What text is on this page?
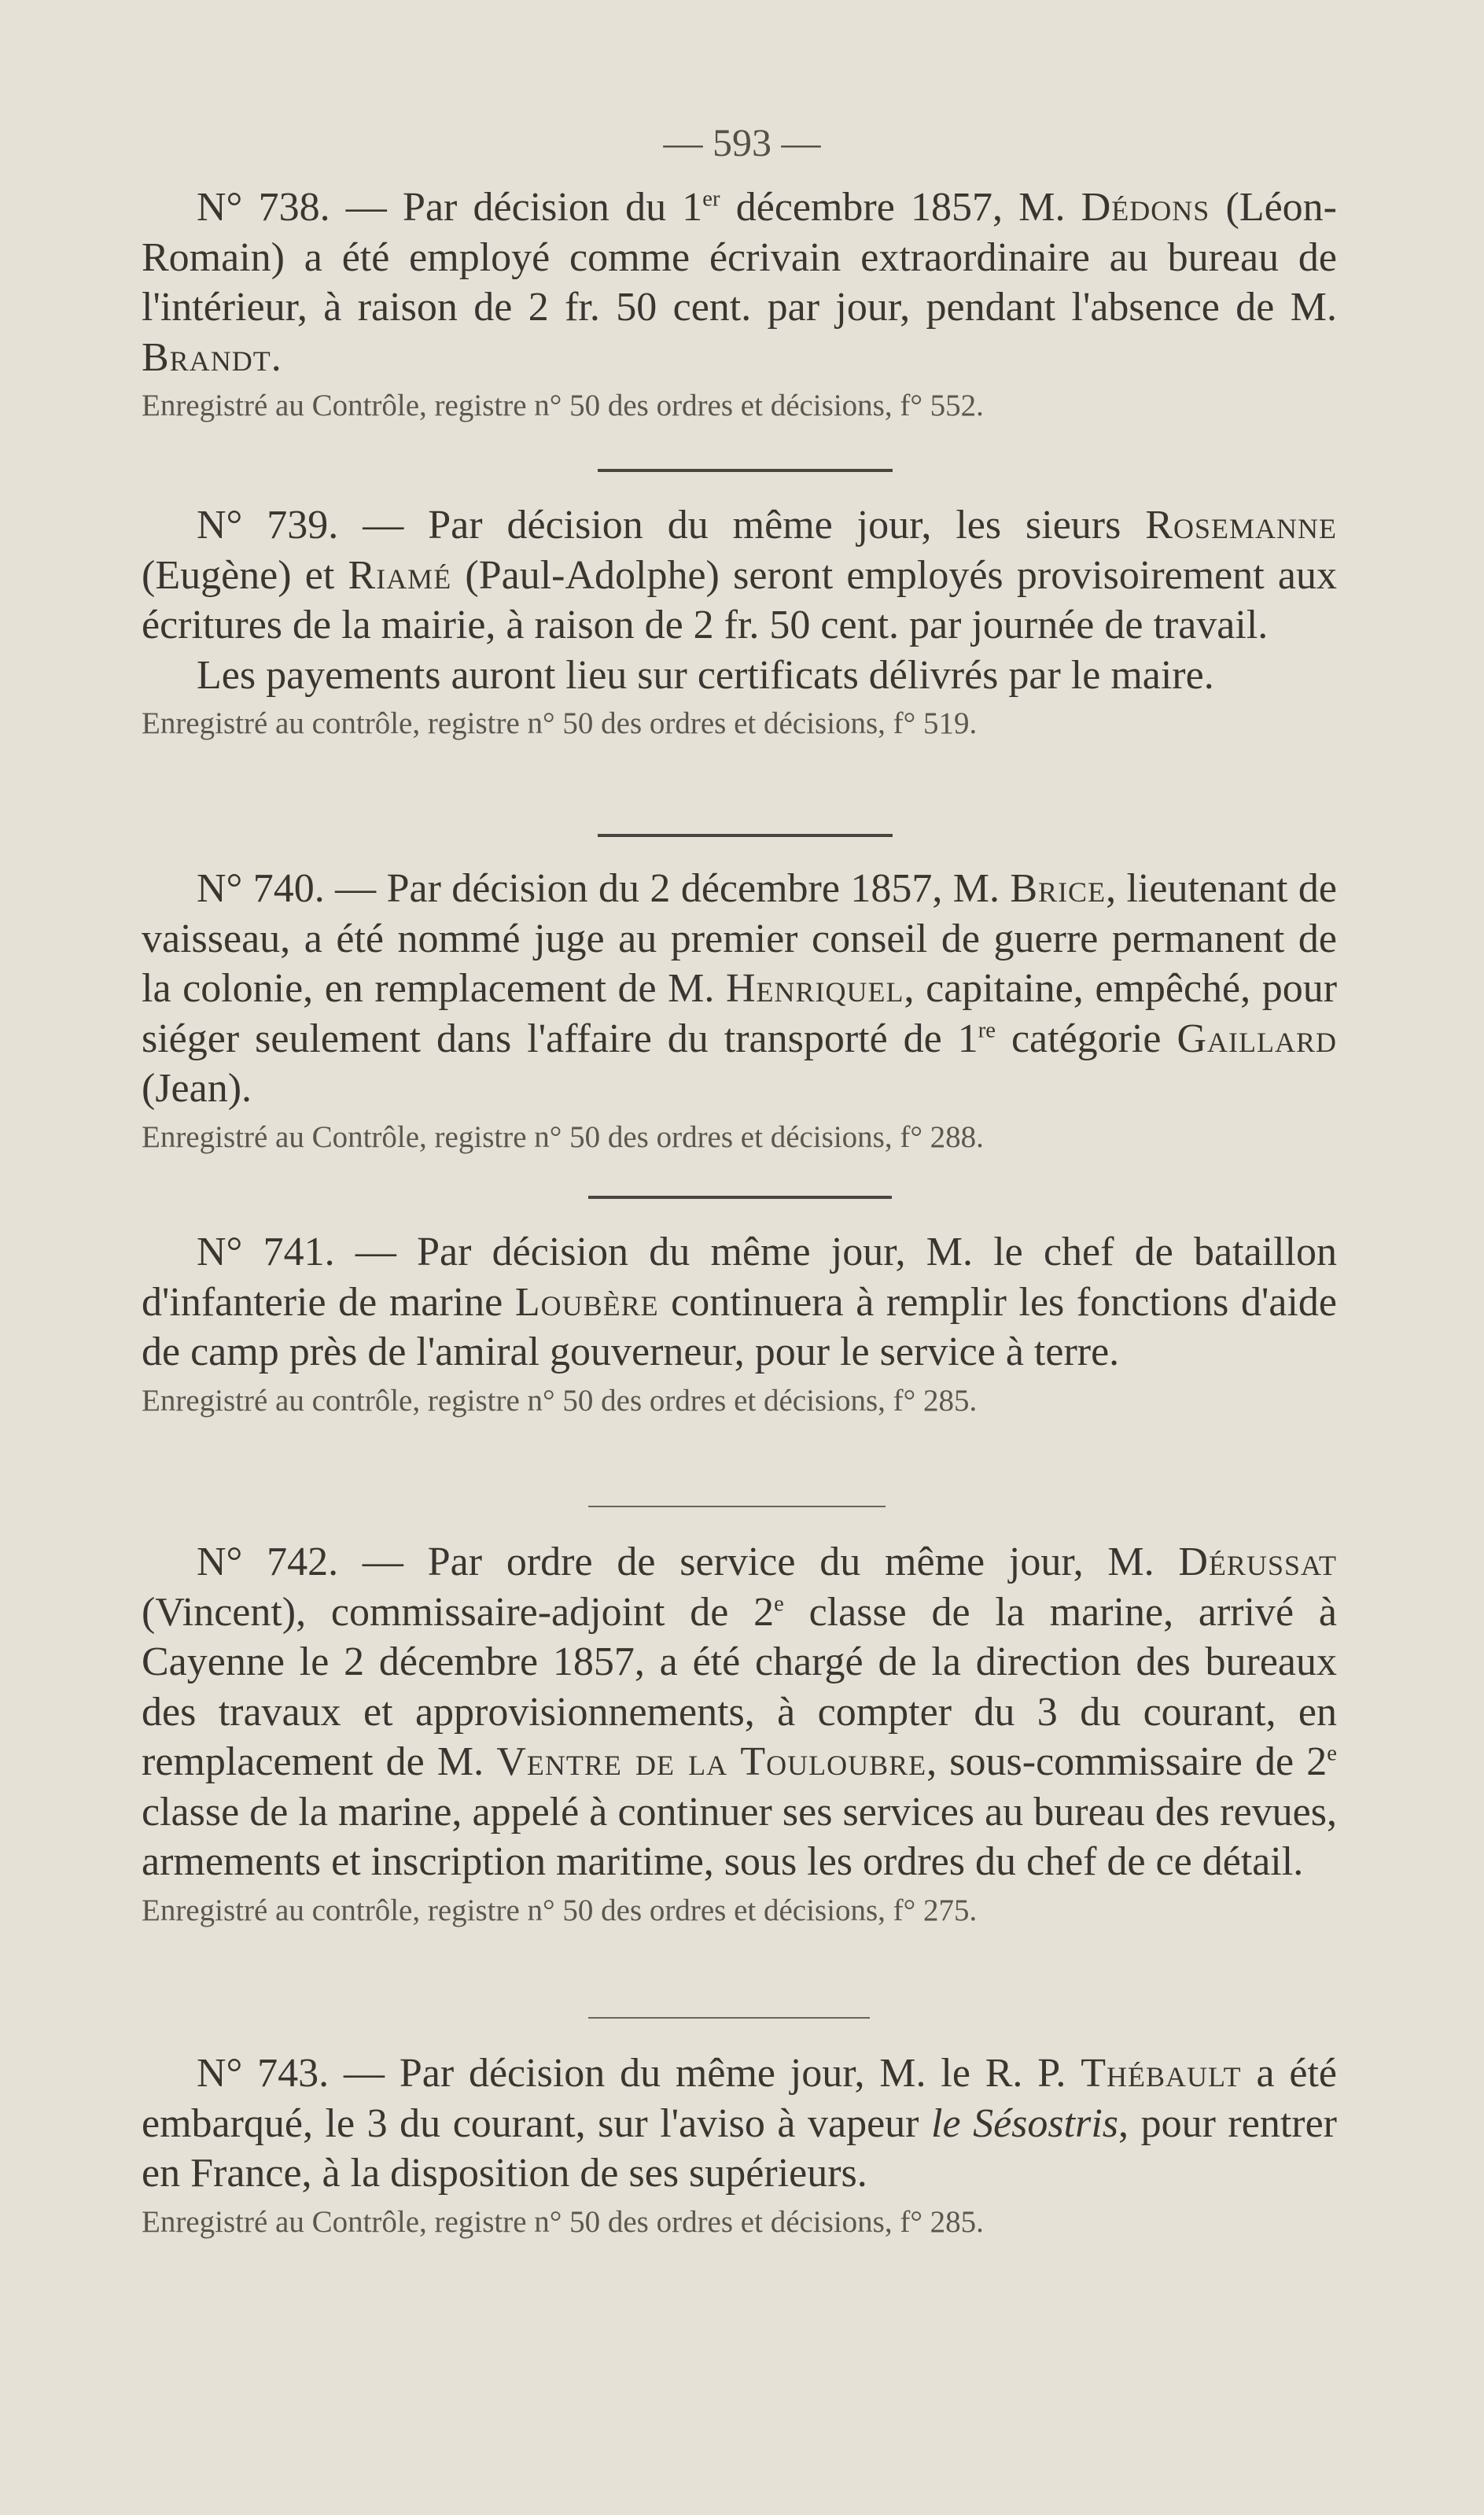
— 593 —

N° 738. — Par décision du 1er décembre 1857, M. Dédons (Léon-Romain) a été employé comme écrivain extraordinaire au bureau de l'intérieur, à raison de 2 fr. 50 cent. par jour, pendant l'absence de M. Brandt.

Enregistré au Contrôle, registre n° 50 des ordres et décisions, f° 552.

N° 739. — Par décision du même jour, les sieurs Rosemanne (Eugène) et Riamé (Paul-Adolphe) seront employés provisoirement aux écritures de la mairie, à raison de 2 fr. 50 cent. par journée de travail.

Les payements auront lieu sur certificats délivrés par le maire.

Enregistré au contrôle, registre n° 50 des ordres et décisions, f° 519.

N° 740. — Par décision du 2 décembre 1857, M. Brice, lieutenant de vaisseau, a été nommé juge au premier conseil de guerre permanent de la colonie, en remplacement de M. Henriquel, capitaine, empêché, pour siéger seulement dans l'affaire du transporté de 1re catégorie Gaillard (Jean).

Enregistré au Contrôle, registre n° 50 des ordres et décisions, f° 288.

N° 741. — Par décision du même jour, M. le chef de bataillon d'infanterie de marine Loubère continuera à remplir les fonctions d'aide de camp près de l'amiral gouverneur, pour le service à terre.

Enregistré au contrôle, registre n° 50 des ordres et décisions, f° 285.

N° 742. — Par ordre de service du même jour, M. Dérussat (Vincent), commissaire-adjoint de 2e classe de la marine, arrivé à Cayenne le 2 décembre 1857, a été chargé de la direction des bureaux des travaux et approvisionnements, à compter du 3 du courant, en remplacement de M. Ventre de la Touloubre, sous-commissaire de 2e classe de la marine, appelé à continuer ses services au bureau des revues, armements et inscription maritime, sous les ordres du chef de ce détail.

Enregistré au contrôle, registre n° 50 des ordres et décisions, f° 275.

N° 743. — Par décision du même jour, M. le R. P. Thébault a été embarqué, le 3 du courant, sur l'aviso à vapeur le Sésostris, pour rentrer en France, à la disposition de ses supérieurs.

Enregistré au Contrôle, registre n° 50 des ordres et décisions, f° 285.
